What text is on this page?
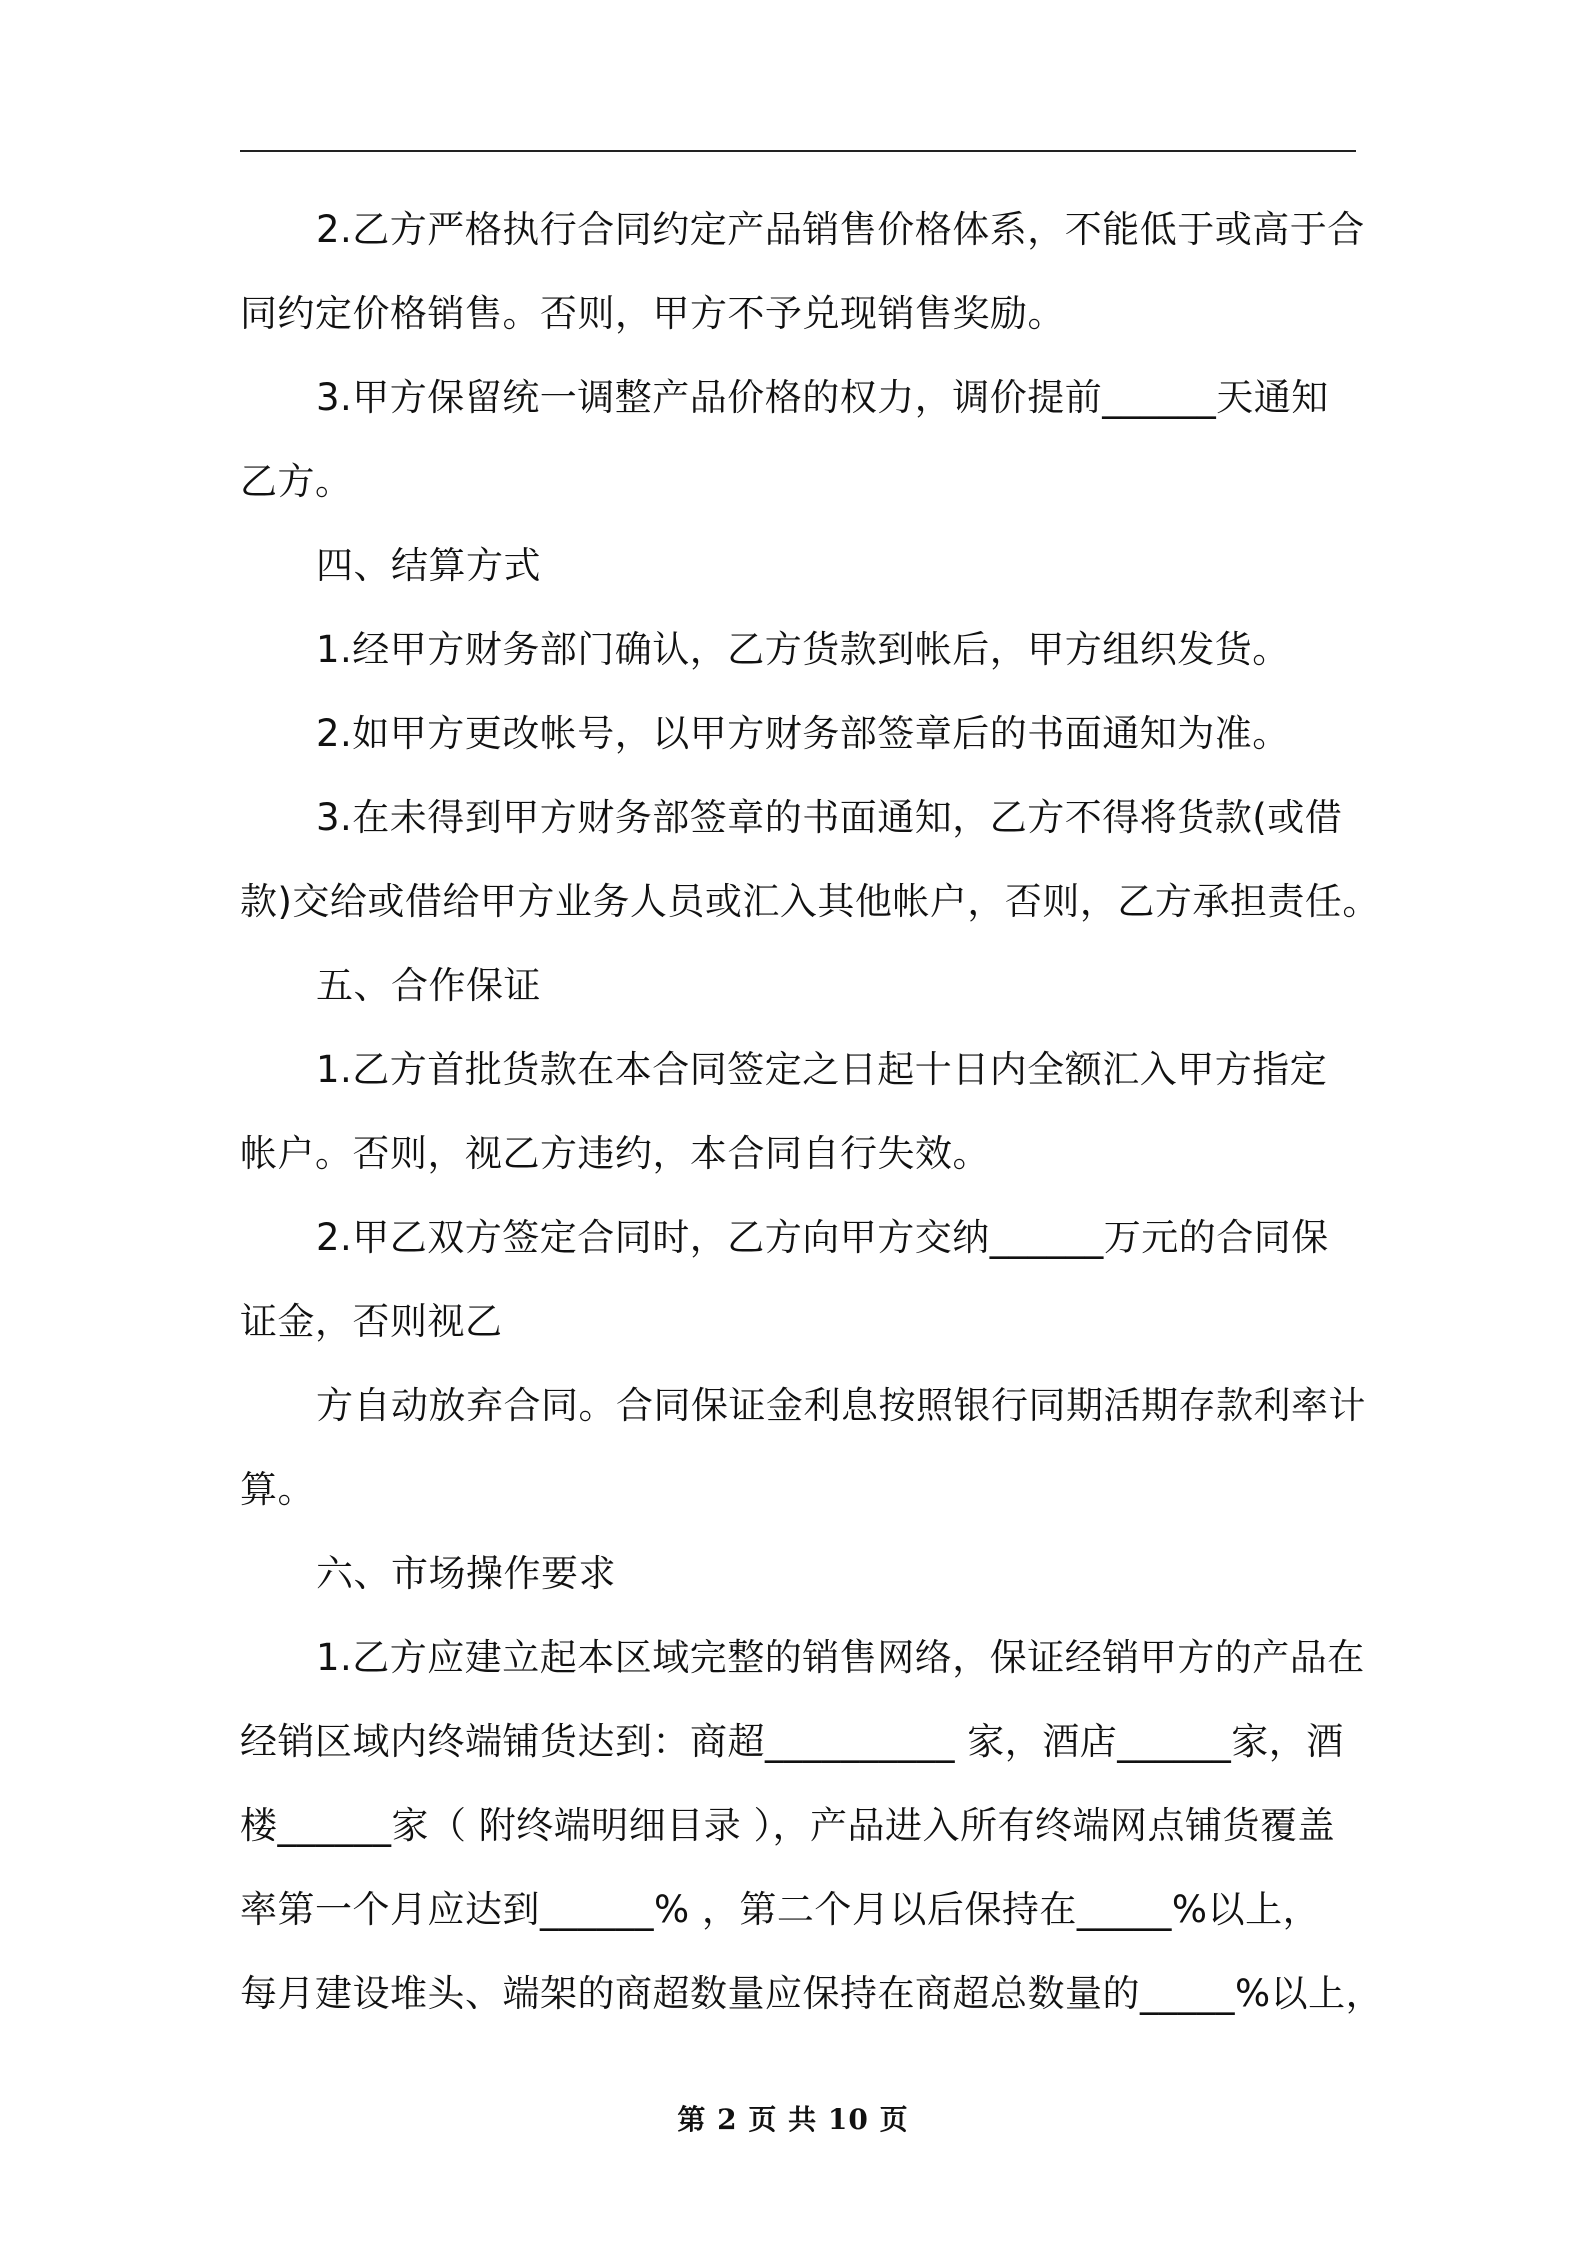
2.乙方严格执行合同约定产品销售价格体系，不能低于或高于合

同约定价格销售。否则，甲方不予兑现销售奖励。

3.甲方保留统一调整产品价格的权力，调价提前______天通知

乙方。

四、结算方式

1.经甲方财务部门确认，乙方货款到帐后，甲方组织发货。

2.如甲方更改帐号，以甲方财务部签章后的书面通知为准。

3.在未得到甲方财务部签章的书面通知，乙方不得将货款(或借

款)交给或借给甲方业务人员或汇入其他帐户，否则，乙方承担责任。

五、合作保证

1.乙方首批货款在本合同签定之日起十日内全额汇入甲方指定

帐户。否则，视乙方违约，本合同自行失效。

2.甲乙双方签定合同时，乙方向甲方交纳______万元的合同保

证金，否则视乙

方自动放弃合同。合同保证金利息按照银行同期活期存款利率计

算。

六、市场操作要求

1.乙方应建立起本区域完整的销售网络，保证经销甲方的产品在

经销区域内终端铺货达到：商超__________ 家，酒店______家，酒

楼______家（ 附终端明细目录 ），产品进入所有终端网点铺货覆盖

率第一个月应达到______% ，第二个月以后保持在_____%以上，

每月建设堆头、端架的商超数量应保持在商超总数量的_____%以上，

第 2 页 共 10 页
